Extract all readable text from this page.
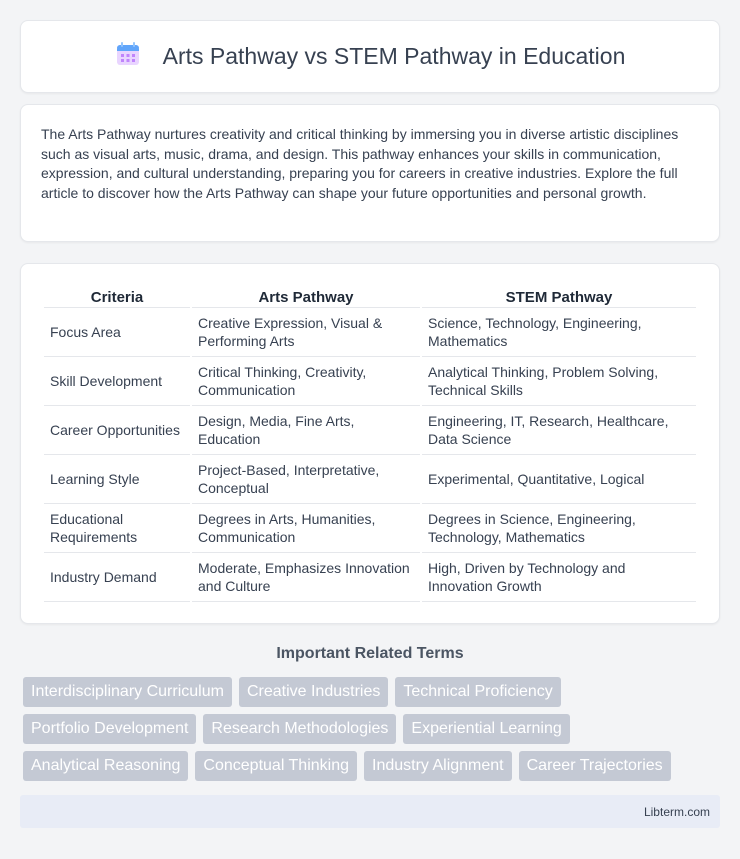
Arts Pathway vs STEM Pathway in Education

The Arts Pathway nurtures creativity and critical thinking by immersing you in diverse artistic disciplines such as visual arts, music, drama, and design. This pathway enhances your skills in communication, expression, and cultural understanding, preparing you for careers in creative industries. Explore the full article to discover how the Arts Pathway can shape your future opportunities and personal growth.

Criteria	Arts Pathway	STEM Pathway
Focus Area	Creative Expression, Visual & Performing Arts	Science, Technology, Engineering, Mathematics
Skill Development	Critical Thinking, Creativity, Communication	Analytical Thinking, Problem Solving, Technical Skills
Career Opportunities	Design, Media, Fine Arts, Education	Engineering, IT, Research, Healthcare, Data Science
Learning Style	Project-Based, Interpretative, Conceptual	Experimental, Quantitative, Logical
Educational Requirements	Degrees in Arts, Humanities, Communication	Degrees in Science, Engineering, Technology, Mathematics
Industry Demand	Moderate, Emphasizes Innovation and Culture	High, Driven by Technology and Innovation Growth
Important Related Terms
Interdisciplinary Curriculum	Creative Industries	Technical Proficiency
Portfolio Development	Research Methodologies	Experiential Learning
Analytical Reasoning	Conceptual Thinking	Industry Alignment	Career Trajectories
Libterm.com
